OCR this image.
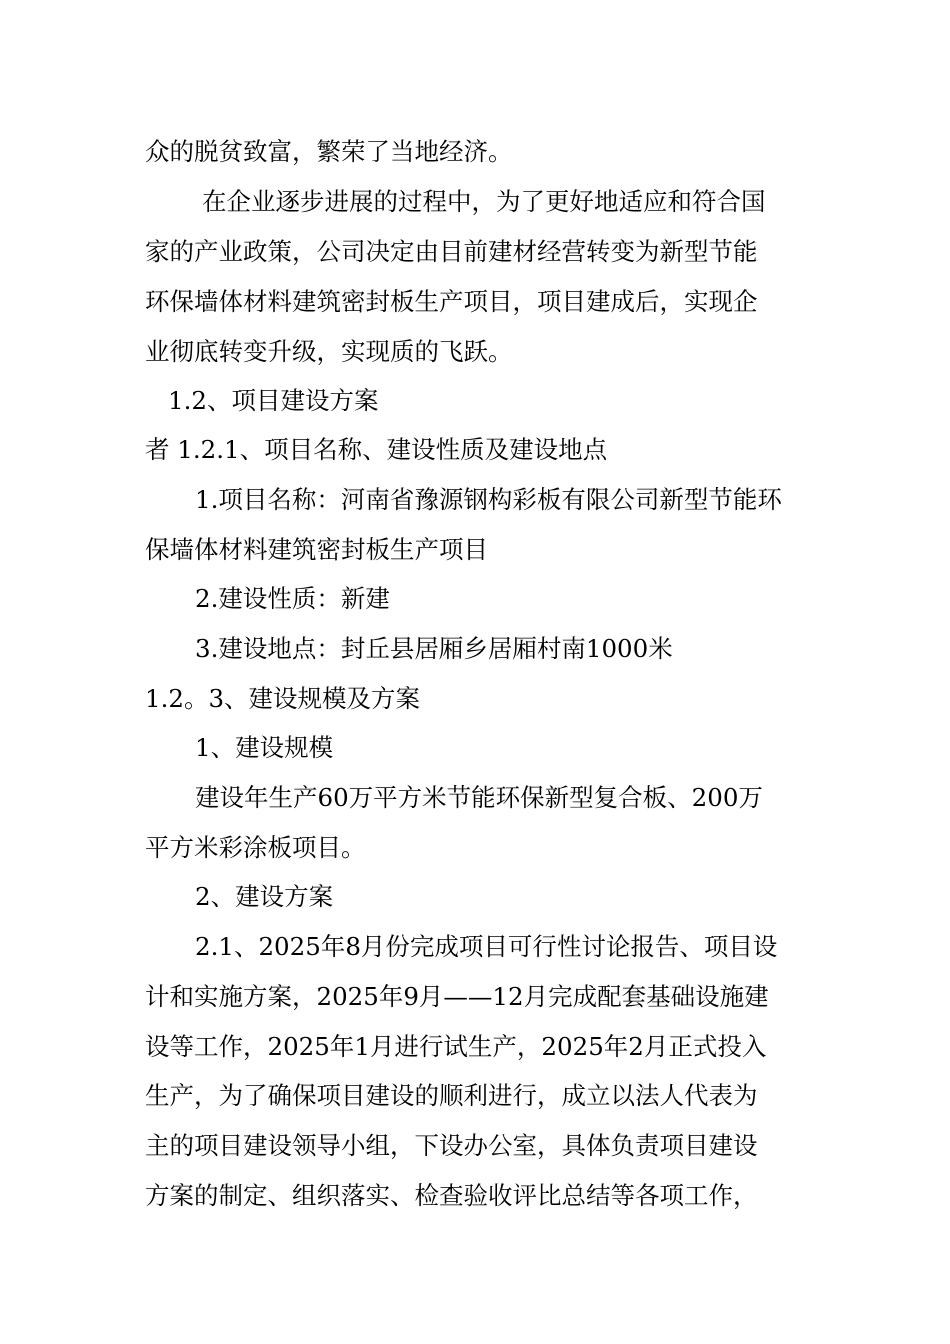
众的脱贫致富，繁荣了当地经济。
在企业逐步进展的过程中，为了更好地适应和符合国
家的产业政策，公司决定由目前建材经营转变为新型节能
环保墙体材料建筑密封板生产项目，项目建成后，实现企
业彻底转变升级，实现质的飞跃。
1.2、项目建设方案
者 1.2.1、项目名称、建设性质及建设地点
1.项目名称：河南省豫源钢构彩板有限公司新型节能环
保墙体材料建筑密封板生产项目
2.建设性质：新建
3.建设地点：封丘县居厢乡居厢村南1000米
1.2。3、建设规模及方案
1、建设规模
建设年生产60万平方米节能环保新型复合板、200万
平方米彩涂板项目。
2、建设方案
2.1、2025年8月份完成项目可行性讨论报告、项目设
计和实施方案，2025年9月——12月完成配套基础设施建
设等工作，2025年1月进行试生产，2025年2月正式投入
生产，为了确保项目建设的顺利进行，成立以法人代表为
主的项目建设领导小组，下设办公室，具体负责项目建设
方案的制定、组织落实、检查验收评比总结等各项工作，
